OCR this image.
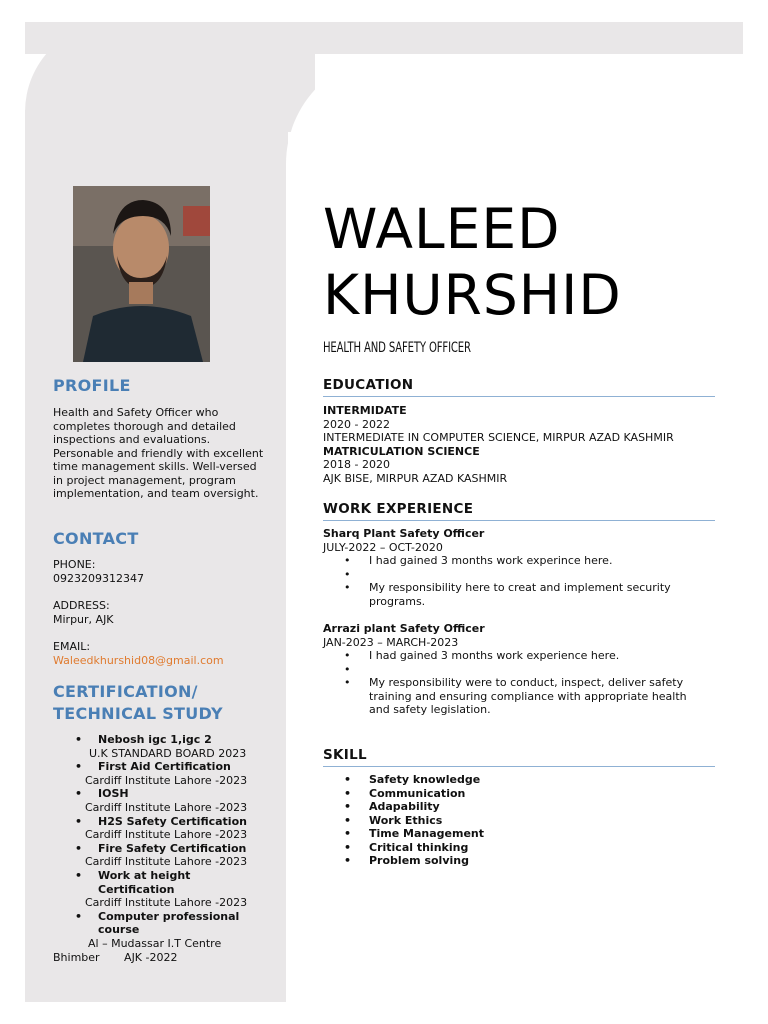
PROFILE
Health and Safety Officer who completes thorough and detailed inspections and evaluations. Personable and friendly with excellent time management skills. Well-versed in project management, program implementation, and team oversight.
CONTACT
PHONE:
0923209312347
ADDRESS:
Mirpur, AJK
EMAIL:
Waleedkhurshid08@gmail.com
CERTIFICATION/
TECHNICAL STUDY
• Nebosh igc 1,igc 2
U.K STANDARD BOARD 2023
• First Aid Certification
Cardiff Institute Lahore -2023
• IOSH
Cardiff Institute Lahore -2023
• H2S Safety Certification
Cardiff Institute Lahore -2023
• Fire Safety Certification
Cardiff Institute Lahore -2023
• Work at height Certification
Cardiff Institute Lahore -2023
• Computer professional course
Al – Mudassar I.T Centre
Bhimber       AJK -2022
WALEED
KHURSHID
HEALTH AND SAFETY OFFICER
EDUCATION
INTERMIDATE
2020 - 2022
INTERMEDIATE IN COMPUTER SCIENCE, MIRPUR AZAD KASHMIR
MATRICULATION SCIENCE
2018 - 2020
AJK BISE, MIRPUR AZAD KASHMIR
WORK EXPERIENCE
Sharq Plant Safety Officer
JULY-2022 – OCT-2020
• I had gained 3 months work experince here.
•
• My responsibility here to creat and implement security programs.
Arrazi plant Safety Officer
JAN-2023 – MARCH-2023
• I had gained 3 months work experience here.
•
• My responsibility were to conduct, inspect, deliver safety training and ensuring compliance with appropriate health and safety legislation.
SKILL
• Safety knowledge
• Communication
• Adapability
• Work Ethics
• Time Management
• Critical thinking
• Problem solving
